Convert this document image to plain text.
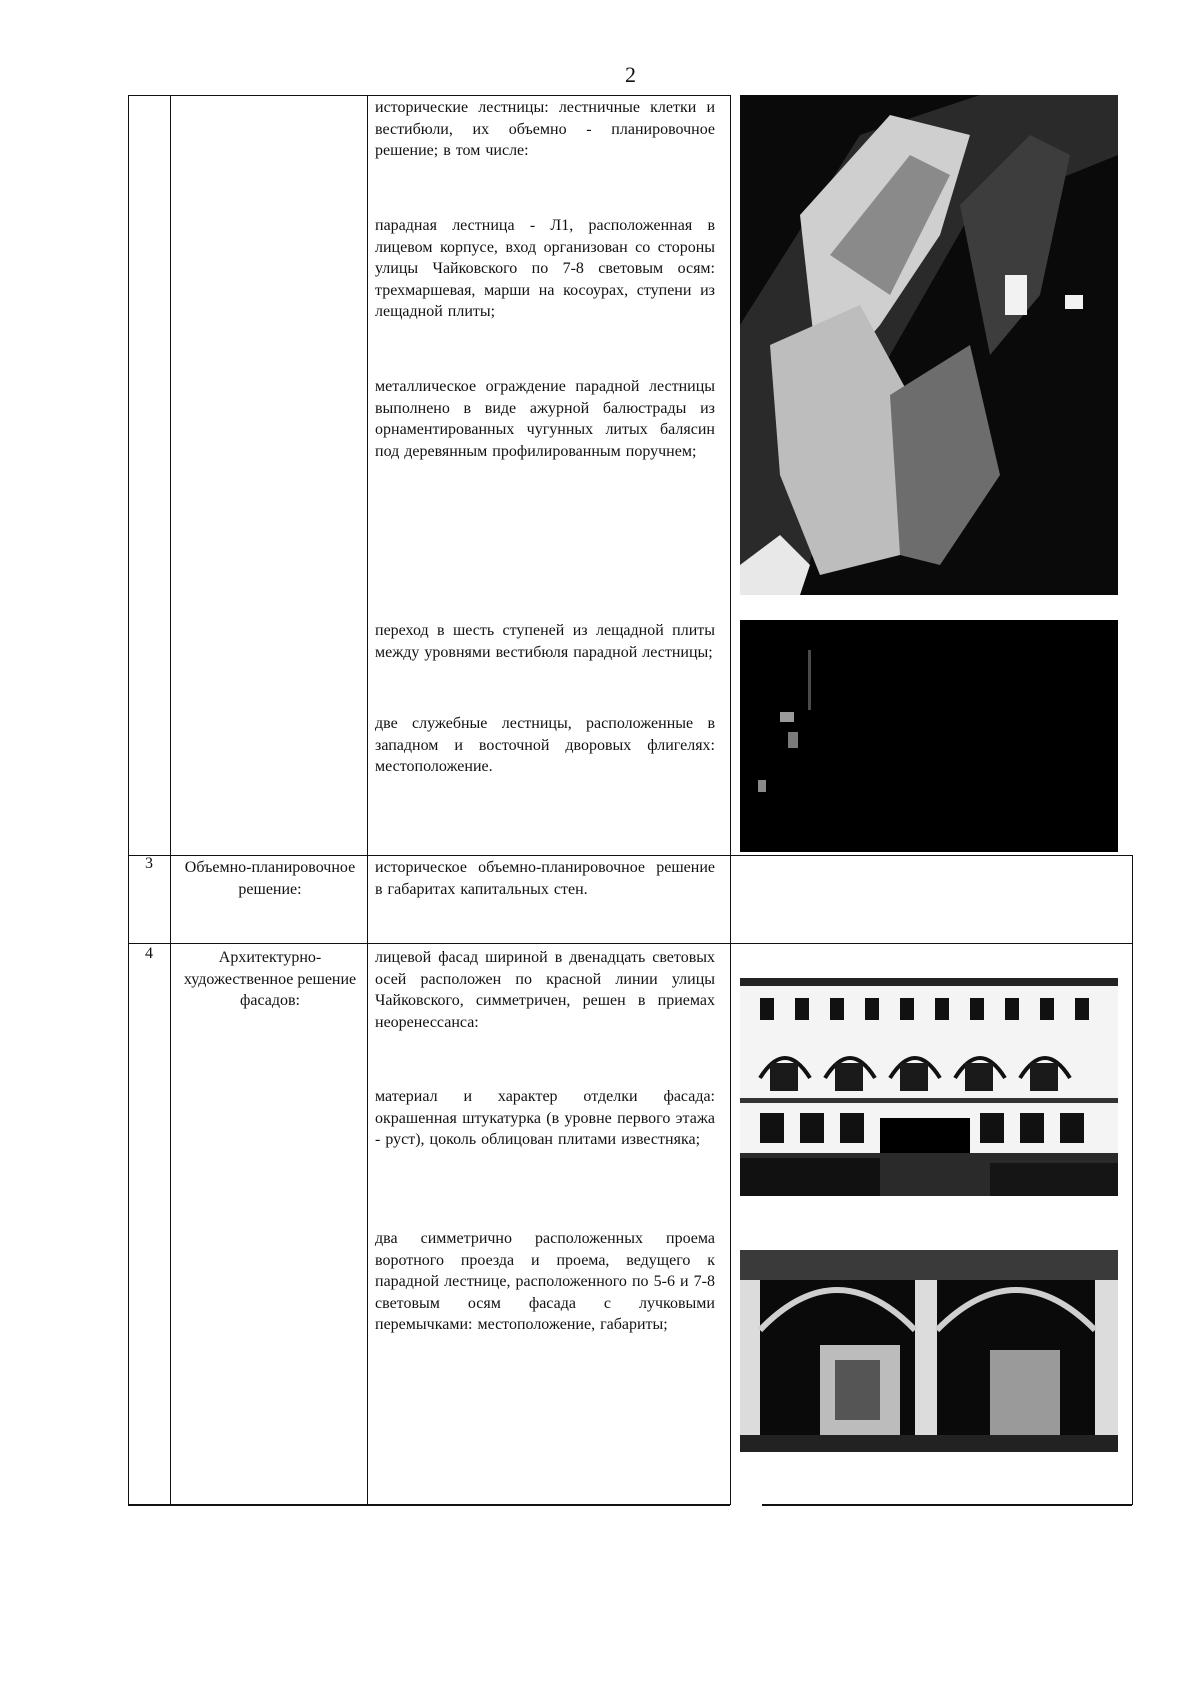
2
исторические лестницы: лестничные клетки и вестибюли, их объемно - планировочное решение; в том числе:
парадная лестница - Л1, расположенная в лицевом корпусе, вход организован со стороны улицы Чайковского по 7-8 световым осям: трехмаршевая, марши на косоурах, ступени из лещадной плиты;
металлическое ограждение парадной лестницы выполнено в виде ажурной балюстрады из орнаментированных чугунных литых балясин под деревянным профилированным поручнем;
переход в шесть ступеней из лещадной плиты между уровнями вестибюля парадной лестницы;
две служебные лестницы, расположенные в западном и восточной дворовых флигелях: местоположение.
3	Объемно-планировочное решение:
историческое объемно-планировочное решение в габаритах капитальных стен.
4	Архитектурно-художественное решение фасадов:
лицевой фасад шириной в двенадцать световых осей расположен по красной линии улицы Чайковского, симметричен, решен в приемах неоренессанса:
материал и характер отделки фасада: окрашенная штукатурка (в уровне первого этажа - руст), цоколь облицован плитами известняка;
два симметрично расположенных проема воротного проезда и проема, ведущего к парадной лестнице, расположенного по 5-6 и 7-8 световым осям фасада с лучковыми перемычками: местоположение, габариты;
